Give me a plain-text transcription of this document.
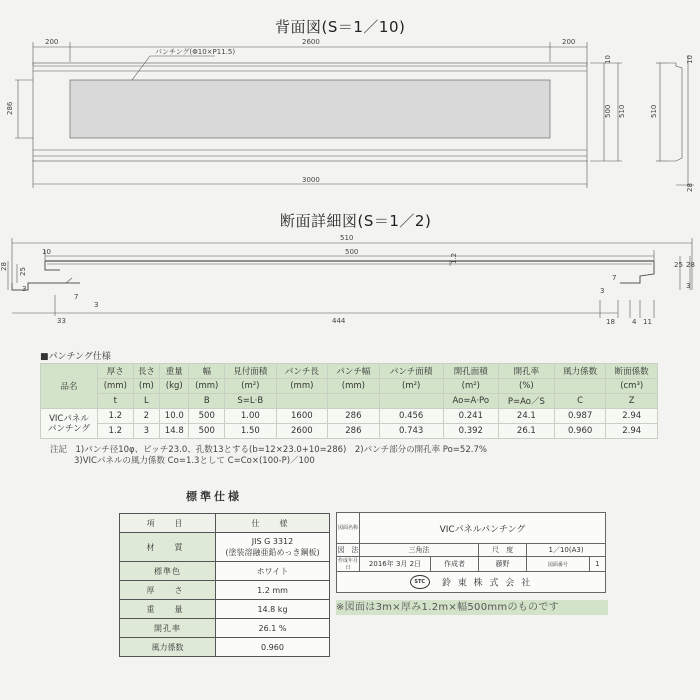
背面図(S＝1／10)
200	2600	200
パンチング(Φ10×P11.5)
286
3000
10
500 510	510
10
28
510
500
10
1.2
28
25
3
7
3
33	444
25 28
7
3
3
18 4 11
断面詳細図(S＝1／2)
■パンチング仕様
品名	厚さ	長さ	重量	幅	見付面積	パンチ長	パンチ幅	パンチ面積	開孔面積	開孔率	風力係数	断面係数
	(mm)	(m)	(kg)	(mm)	(m²)	(mm)	(mm)	(m²)	(m²)	(%)		(cm³)
	t	L		B	S=L·B				Ao=A·Po	P=Ao／S	C	Z
VICパネル
パンチング	1.2	2	10.0	500	1.00	1600	286	0.456	0.241	24.1	0.987	2.94
	1.2	3	14.8	500	1.50	2600	286	0.743	0.392	26.1	0.960	2.94
注記　1)パンチ径10φ、ピッチ23.0、孔数13とする(b=12×23.0+10=286)　2)パンチ部分の開孔率 Po=52.7%
3)VICパネルの風力係数 Co=1.3として C=Co×(100-P)／100
標準仕様
項　目	仕　様
材　質	JIS G 3312
(塗装溶融亜鉛めっき鋼板)
標準色	ホワイト
厚　さ	1.2 mm
重　量	14.8 kg
開孔率	26.1 %
風力係数	0.960
図面名称	VICパネルパンチング				
図　法	三角法		尺　度	1／10(A3)	
作成年月日	2016年 3月 2日	作成者	藤野	図面番号	1
STC 鈴 東 株 式 会 社					
※図面は3m×厚み1.2m×幅500mmのものです
